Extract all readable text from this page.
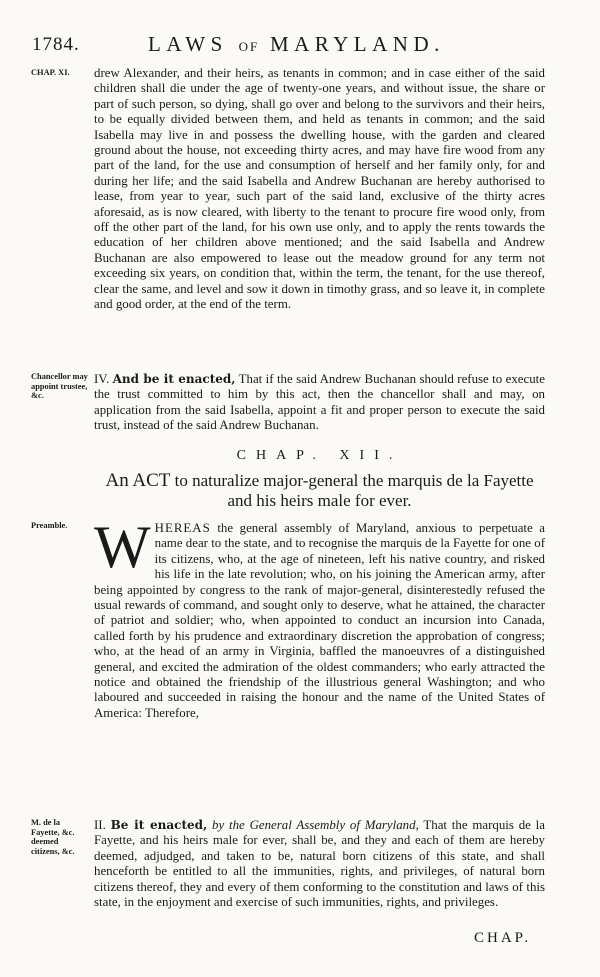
1784.	LAWS OF MARYLAND.
CHAP. XI.
Chancellor may appoint trustee, &c.
Preamble.
M. de la Fayette, &c. deemed citizens, &c.

drew Alexander, and their heirs, as tenants in common; and in case either of the said children shall die under the age of twenty-one years, and without issue, the share or part of such person, so dying, shall go over and belong to the survivors and their heirs, to be equally divided between them, and held as tenants in common; and the said Isabella may live in and possess the dwelling house, with the garden and cleared ground about the house, not exceeding thirty acres, and may have fire wood from any part of the land, for the use and consumption of herself and her family only, for and during her life; and the said Isabella and Andrew Buchanan are hereby authorised to lease, from year to year, such part of the said land, exclusive of the thirty acres aforesaid, as is now cleared, with liberty to the tenant to procure fire wood only, from off the other part of the land, for his own use only, and to apply the rents towards the education of her children above mentioned; and the said Isabella and Andrew Buchanan are also empowered to lease out the meadow ground for any term not exceeding six years, on condition that, within the term, the tenant, for the use thereof, clear the same, and level and sow it down in timothy grass, and so leave it, in complete and good order, at the end of the term.

IV. And be it enacted, That if the said Andrew Buchanan should refuse to execute the trust committed to him by this act, then the chancellor shall and may, on application from the said Isabella, appoint a fit and proper person to execute the said trust, instead of the said Andrew Buchanan.

CHAP. XII.
An ACT to naturalize major-general the marquis de la Fayette and his heirs male for ever.

WHEREAS the general assembly of Maryland, anxious to perpetuate a name dear to the state, and to recognise the marquis de la Fayette for one of its citizens, who, at the age of nineteen, left his native country, and risked his life in the late revolution; who, on his joining the American army, after being appointed by congress to the rank of major-general, disinterestedly refused the usual rewards of command, and sought only to deserve, what he attained, the character of patriot and soldier; who, when appointed to conduct an incursion into Canada, called forth by his prudence and extraordinary discretion the approbation of congress; who, at the head of an army in Virginia, baffled the manoeuvres of a distinguished general, and excited the admiration of the oldest commanders; who early attracted the notice and obtained the friendship of the illustrious general Washington; and who laboured and succeeded in raising the honour and the name of the United States of America: Therefore,

II. Be it enacted, by the General Assembly of Maryland, That the marquis de la Fayette, and his heirs male for ever, shall be, and they and each of them are hereby deemed, adjudged, and taken to be, natural born citizens of this state, and shall henceforth be entitled to all the immunities, rights, and privileges, of natural born citizens thereof, they and every of them conforming to the constitution and laws of this state, in the enjoyment and exercise of such immunities, rights, and privileges.

CHAP.
